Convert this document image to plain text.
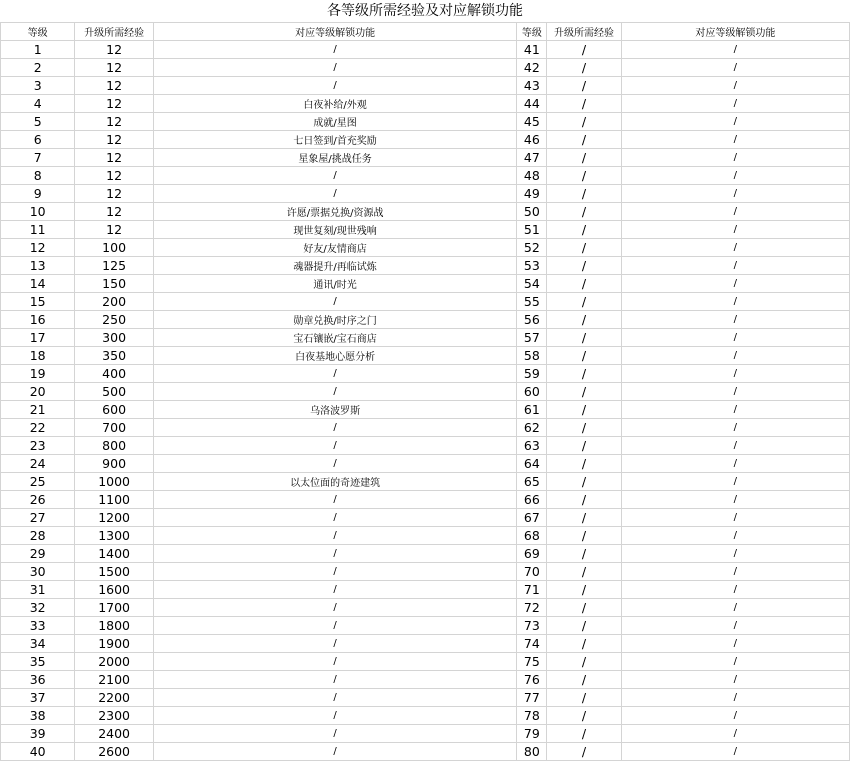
各等级所需经验及对应解锁功能
等级	升级所需经验	对应等级解锁功能	等级	升级所需经验	对应等级解锁功能
1	12	/	41	/	/
2	12	/	42	/	/
3	12	/	43	/	/
4	12	白夜补给/外观	44	/	/
5	12	成就/星图	45	/	/
6	12	七日签到/首充奖励	46	/	/
7	12	星象屋/挑战任务	47	/	/
8	12	/	48	/	/
9	12	/	49	/	/
10	12	许愿/票据兑换/资源战	50	/	/
11	12	现世复刻/现世残响	51	/	/
12	100	好友/友情商店	52	/	/
13	125	魂器提升/再临试炼	53	/	/
14	150	通讯/时光	54	/	/
15	200	/	55	/	/
16	250	勋章兑换/时序之门	56	/	/
17	300	宝石镶嵌/宝石商店	57	/	/
18	350	白夜基地心愿分析	58	/	/
19	400	/	59	/	/
20	500	/	60	/	/
21	600	乌洛波罗斯	61	/	/
22	700	/	62	/	/
23	800	/	63	/	/
24	900	/	64	/	/
25	1000	以太位面的奇迹建筑	65	/	/
26	1100	/	66	/	/
27	1200	/	67	/	/
28	1300	/	68	/	/
29	1400	/	69	/	/
30	1500	/	70	/	/
31	1600	/	71	/	/
32	1700	/	72	/	/
33	1800	/	73	/	/
34	1900	/	74	/	/
35	2000	/	75	/	/
36	2100	/	76	/	/
37	2200	/	77	/	/
38	2300	/	78	/	/
39	2400	/	79	/	/
40	2600	/	80	/	/
